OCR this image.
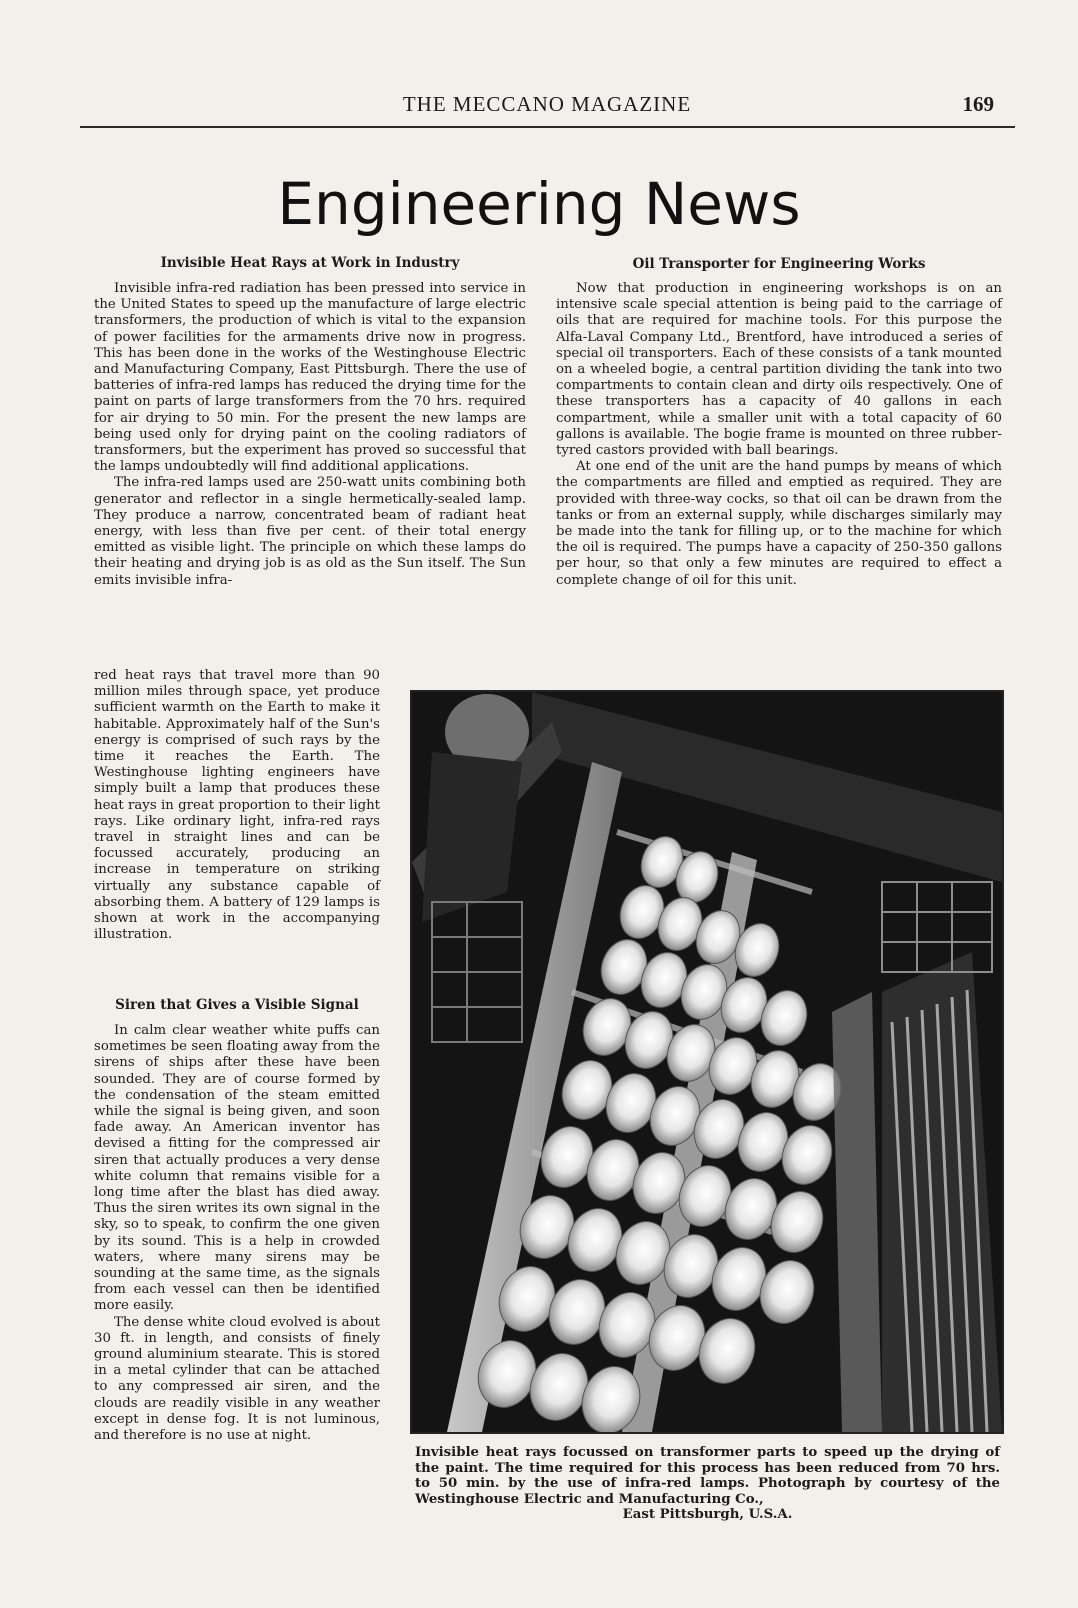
THE MECCANO MAGAZINE	169
Engineering News
Invisible Heat Rays at Work in Industry

Invisible infra-red radiation has been pressed into service in the United States to speed up the manufacture of large electric transformers, the production of which is vital to the expansion of power facilities for the armaments drive now in progress. This has been done in the works of the Westinghouse Electric and Manufacturing Company, East Pittsburgh. There the use of batteries of infra-red lamps has reduced the drying time for the paint on parts of large transformers from the 70 hrs. required for air drying to 50 min. For the present the new lamps are being used only for drying paint on the cooling radiators of transformers, but the experiment has proved so successful that the lamps undoubtedly will find additional applications.

The infra-red lamps used are 250-watt units combining both generator and reflector in a single hermetically-sealed lamp. They produce a narrow, concentrated beam of radiant heat energy, with less than five per cent. of their total energy emitted as visible light. The principle on which these lamps do their heating and drying job is as old as the Sun itself. The Sun emits invisible infra-

red heat rays that travel more than 90 million miles through space, yet produce sufficient warmth on the Earth to make it habitable. Approximately half of the Sun's energy is comprised of such rays by the time it reaches the Earth. The Westinghouse lighting engineers have simply built a lamp that produces these heat rays in great proportion to their light rays. Like ordinary light, infra-red rays travel in straight lines and can be focussed accurately, producing an increase in temperature on striking virtually any substance capable of absorbing them. A battery of 129 lamps is shown at work in the accompanying illustration.

Siren that Gives a Visible Signal

In calm clear weather white puffs can sometimes be seen floating away from the sirens of ships after these have been sounded. They are of course formed by the condensation of the steam emitted while the signal is being given, and soon fade away. An American inventor has devised a fitting for the compressed air siren that actually produces a very dense white column that remains visible for a long time after the blast has died away. Thus the siren writes its own signal in the sky, so to speak, to confirm the one given by its sound. This is a help in crowded waters, where many sirens may be sounding at the same time, as the signals from each vessel can then be identified more easily.

The dense white cloud evolved is about 30 ft. in length, and consists of finely ground aluminium stearate. This is stored in a metal cylinder that can be attached to any compressed air siren, and the clouds are readily visible in any weather except in dense fog. It is not luminous, and therefore is no use at night.

Oil Transporter for Engineering Works

Now that production in engineering workshops is on an intensive scale special attention is being paid to the carriage of oils that are required for machine tools. For this purpose the Alfa-Laval Company Ltd., Brentford, have introduced a series of special oil transporters. Each of these consists of a tank mounted on a wheeled bogie, a central partition dividing the tank into two compartments to contain clean and dirty oils respectively. One of these transporters has a capacity of 40 gallons in each compartment, while a smaller unit with a total capacity of 60 gallons is available. The bogie frame is mounted on three rubber-tyred castors provided with ball bearings.

At one end of the unit are the hand pumps by means of which the compartments are filled and emptied as required. They are provided with three-way cocks, so that oil can be drawn from the tanks or from an external supply, while discharges similarly may be made into the tank for filling up, or to the machine for which the oil is required. The pumps have a capacity of 250-350 gallons per hour, so that only a few minutes are required to effect a complete change of oil for this unit.

Invisible heat rays focussed on transformer parts to speed up the drying of the paint. The time required for this process has been reduced from 70 hrs. to 50 min. by the use of infra-red lamps. Photograph by courtesy of the Westinghouse Electric and Manufacturing Co.,
East Pittsburgh, U.S.A.
